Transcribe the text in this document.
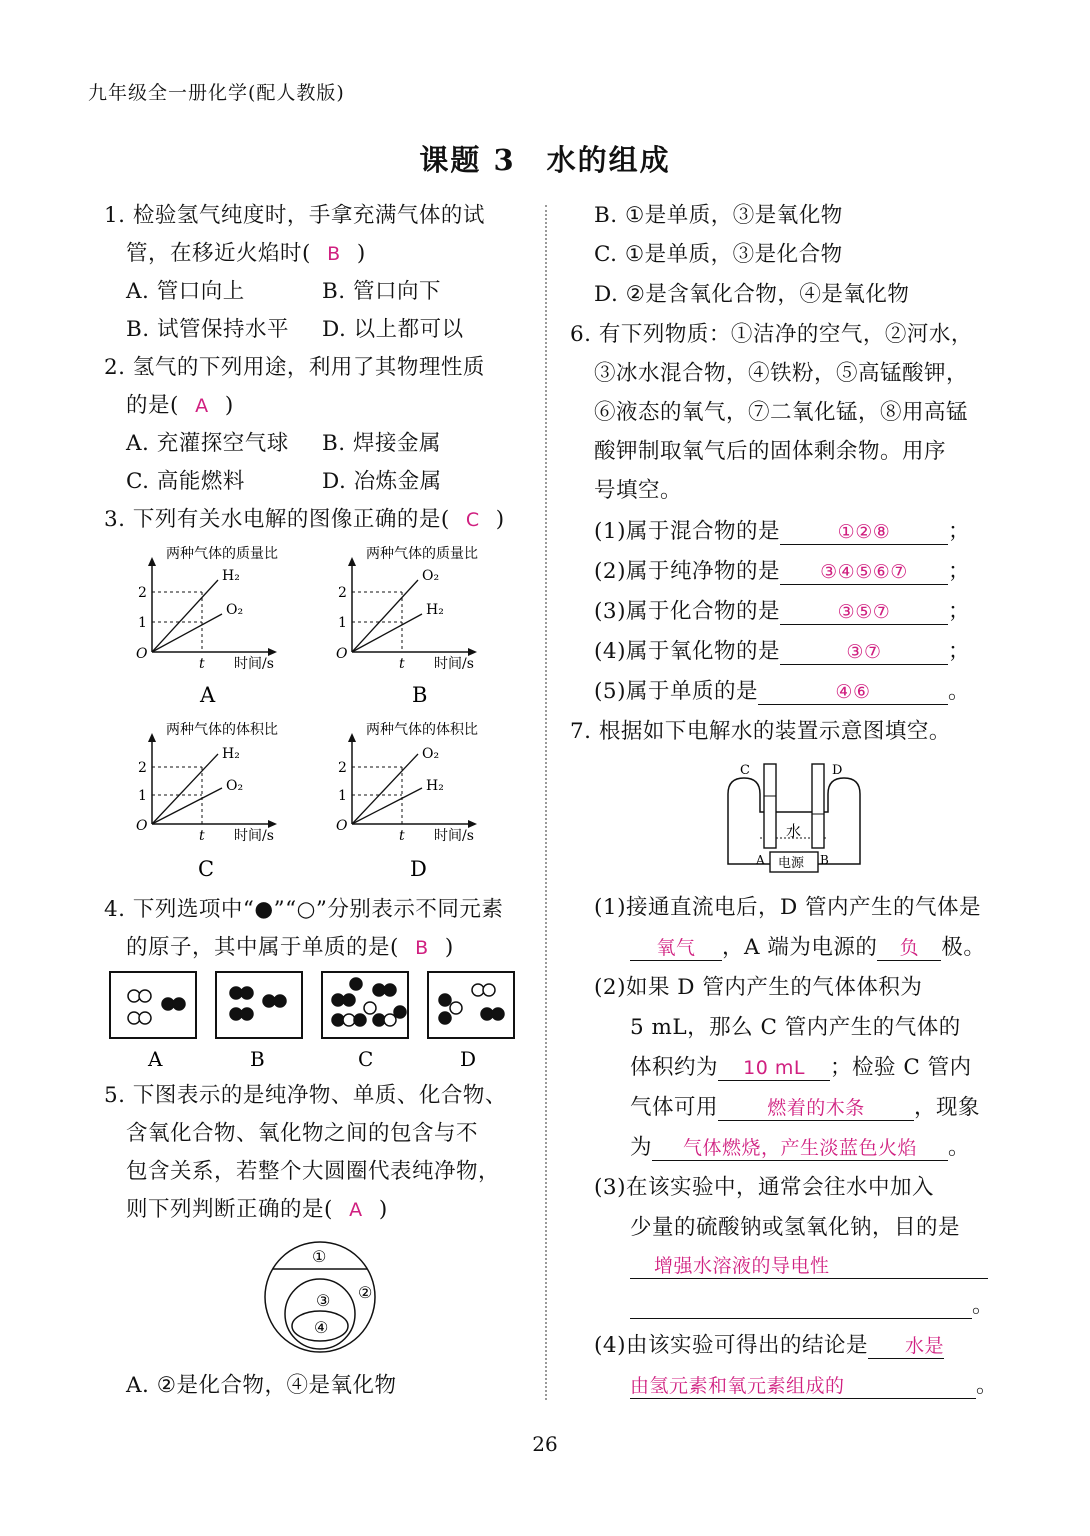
九年级全一册化学(配人教版)
课题 3　水的组成
1. 检验氢气纯度时，手拿充满气体的试
管，在移近火焰时( B )
A. 管口向上	B. 管口向下
B. 试管保持水平 D. 以上都可以
2. 氢气的下列用途，利用了其物理性质
的是( A )
A. 充灌探空气球 B. 焊接金属
C. 高能燃料	D. 冶炼金属
3. 下列有关水电解的图像正确的是( C )
两种气体的质量比
H₂
O₂
2
1
O
t 时间/s
A
两种气体的质量比
O₂
H₂
2
1
O
t 时间/s
B
两种气体的体积比
H₂
O₂
2
1
O
t 时间/s
C
两种气体的体积比
O₂
H₂
2
1
O
t 时间/s
D
4. 下列选项中“●”“○”分别表示不同元素
的原子，其中属于单质的是( B )
A	B	C	D
5. 下图表示的是纯净物、单质、化合物、
含氧化合物、氧化物之间的包含与不
包含关系，若整个大圆圈代表纯净物，
则下列判断正确的是( A )
①
②
③
④
A. ②是化合物，④是氧化物
B. ①是单质，③是氧化物
C. ①是单质，③是化合物
D. ②是含氧化合物，④是氧化物
6. 有下列物质：①洁净的空气，②河水，
③冰水混合物，④铁粉，⑤高锰酸钾，
⑥液态的氧气，⑦二氧化锰，⑧用高锰
酸钾制取氧气后的固体剩余物。用序
号填空。
(1)属于混合物的是	①②⑧	；
(2)属于纯净物的是 ③④⑤⑥⑦ ；
(3)属于化合物的是	③⑤⑦	；
(4)属于氧化物的是	③⑦	；
(5)属于单质的是	④⑥	。
7. 根据如下电解水的装置示意图填空。
C	D
水
电源
A	B
(1)接通直流电后，D 管内产生的气体是
氧气 ，A 端为电源的 负 极。
(2)如果 D 管内产生的气体体积为
5 mL，那么 C 管内产生的气体的
体积约为 10 mL ；检验 C 管内
气体可用	燃着的木条 ，现象
为 气体燃烧，产生淡蓝色火焰 。
(3)在该实验中，通常会往水中加入
少量的硫酸钠或氢氧化钠，目的是
增强水溶液的导电性
。
(4)由该实验可得出的结论是 水是
由氢元素和氧元素组成的	。
26
